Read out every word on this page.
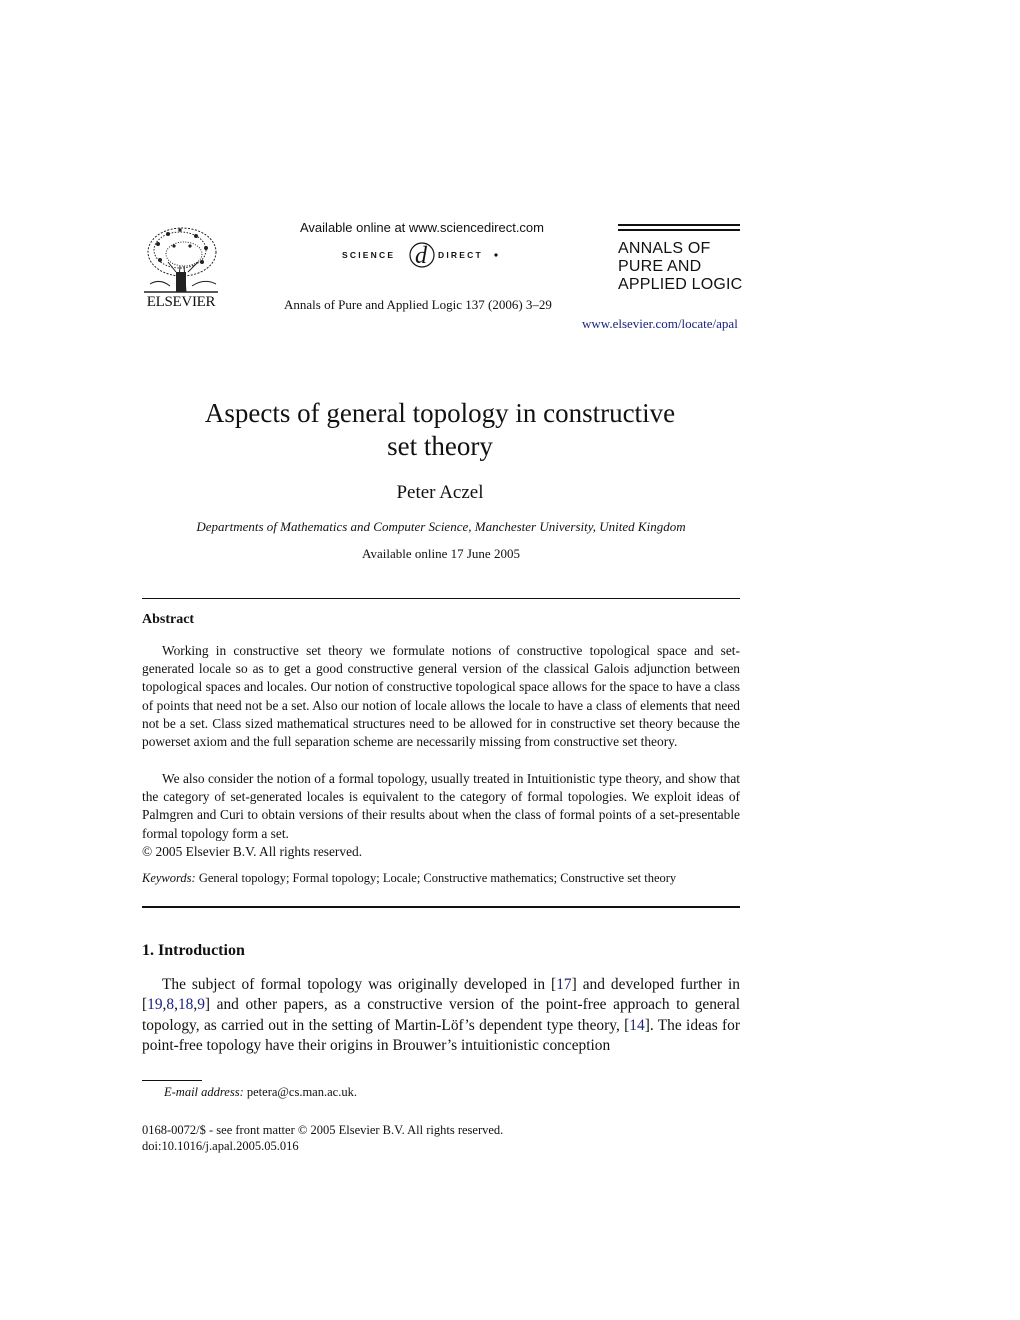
ELSEVIER
Available online at www.sciencedirect.com
SCIENCE d DIRECT
Annals of Pure and Applied Logic 137 (2006) 3–29
ANNALS OF
PURE AND
APPLIED LOGIC
www.elsevier.com/locate/apal
Aspects of general topology in constructive
set theory
Peter Aczel
Departments of Mathematics and Computer Science, Manchester University, United Kingdom
Available online 17 June 2005
Abstract

Working in constructive set theory we formulate notions of constructive topological space and set-generated locale so as to get a good constructive general version of the classical Galois adjunction between topological spaces and locales. Our notion of constructive topological space allows for the space to have a class of points that need not be a set. Also our notion of locale allows the locale to have a class of elements that need not be a set. Class sized mathematical structures need to be allowed for in constructive set theory because the powerset axiom and the full separation scheme are necessarily missing from constructive set theory.

We also consider the notion of a formal topology, usually treated in Intuitionistic type theory, and show that the category of set-generated locales is equivalent to the category of formal topologies. We exploit ideas of Palmgren and Curi to obtain versions of their results about when the class of formal points of a set-presentable formal topology form a set.

© 2005 Elsevier B.V. All rights reserved.
Keywords: General topology; Formal topology; Locale; Constructive mathematics; Constructive set theory
1. Introduction

The subject of formal topology was originally developed in [17] and developed further in [19,8,18,9] and other papers, as a constructive version of the point-free approach to general topology, as carried out in the setting of Martin-Löf’s dependent type theory, [14]. The ideas for point-free topology have their origins in Brouwer’s intuitionistic conception

E-mail address: petera@cs.man.ac.uk.
0168-0072/$ - see front matter © 2005 Elsevier B.V. All rights reserved.
doi:10.1016/j.apal.2005.05.016
